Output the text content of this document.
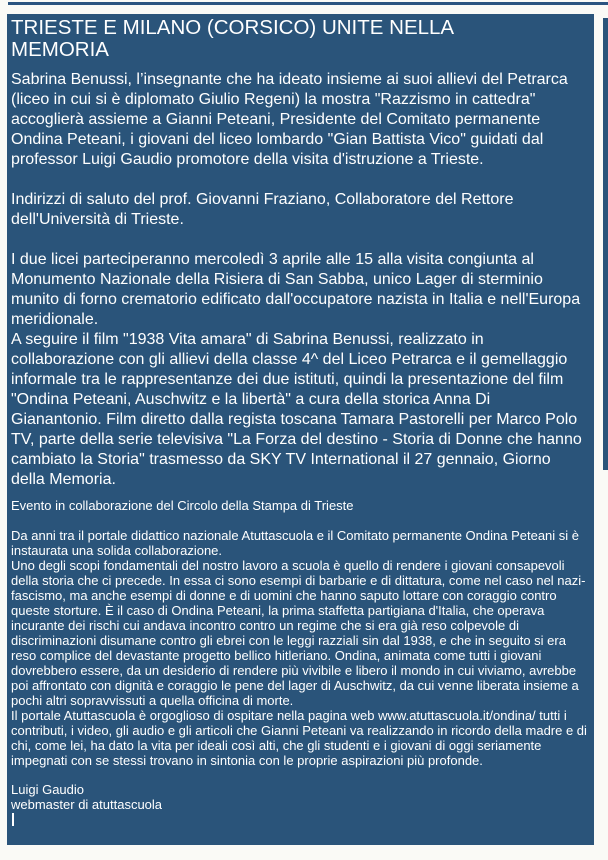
TRIESTE E MILANO (CORSICO) UNITE NELLA MEMORIA

Sabrina Benussi, l’insegnante che ha ideato insieme ai suoi allievi del Petrarca (liceo in cui si è diplomato Giulio Regeni) la mostra "Razzismo in cattedra" accoglierà assieme a Gianni Peteani, Presidente del Comitato permanente Ondina Peteani, i giovani del liceo lombardo "Gian Battista Vico" guidati dal professor Luigi Gaudio promotore della visita d'istruzione a Trieste.

Indirizzi di saluto del prof. Giovanni Fraziano, Collaboratore del Rettore dell'Università di Trieste.

I due licei parteciperanno mercoledì 3 aprile alle 15 alla visita congiunta al Monumento Nazionale della Risiera di San Sabba, unico Lager di sterminio munito di forno crematorio edificato dall'occupatore nazista in Italia e nell'Europa meridionale.

A seguire il film "1938 Vita amara" di Sabrina Benussi, realizzato in collaborazione con gli allievi della classe 4^ del Liceo Petrarca e il gemellaggio informale tra le rappresentanze dei due istituti, quindi la presentazione del film "Ondina Peteani, Auschwitz e la libertà" a cura della storica Anna Di Gianantonio. Film diretto dalla regista toscana Tamara Pastorelli per Marco Polo TV, parte della serie televisiva "La Forza del destino - Storia di Donne che hanno cambiato la Storia" trasmesso da SKY TV International il 27 gennaio, Giorno della Memoria.

Evento in collaborazione del Circolo della Stampa di Trieste

Da anni tra il portale didattico nazionale Atuttascuola e il Comitato permanente Ondina Peteani si è instaurata una solida collaborazione.

Uno degli scopi fondamentali del nostro lavoro a scuola è quello di rendere i giovani consapevoli della storia che ci precede. In essa ci sono esempi di barbarie e di dittatura, come nel caso nel nazi-fascismo, ma anche esempi di donne e di uomini che hanno saputo lottare con coraggio contro queste storture. È il caso di Ondina Peteani, la prima staffetta partigiana d'Italia, che operava incurante dei rischi cui andava incontro contro un regime che si era già reso colpevole di discriminazioni disumane contro gli ebrei con le leggi razziali sin dal 1938, e che in seguito si era reso complice del devastante progetto bellico hitleriano. Ondina, animata come tutti i giovani dovrebbero essere, da un desiderio di rendere più vivibile e libero il mondo in cui viviamo, avrebbe poi affrontato con dignità e coraggio le pene del lager di Auschwitz, da cui venne liberata insieme a pochi altri sopravvissuti a quella officina di morte.

Il portale Atuttascuola è orgoglioso di ospitare nella pagina web www.atuttascuola.it/ondina/ tutti i contributi, i video, gli audio e gli articoli che Gianni Peteani va realizzando in ricordo della madre e di chi, come lei, ha dato la vita per ideali così alti, che gli studenti e i giovani di oggi seriamente impegnati con se stessi trovano in sintonia con le proprie aspirazioni più profonde.

Luigi Gaudio
webmaster di atuttascuola
